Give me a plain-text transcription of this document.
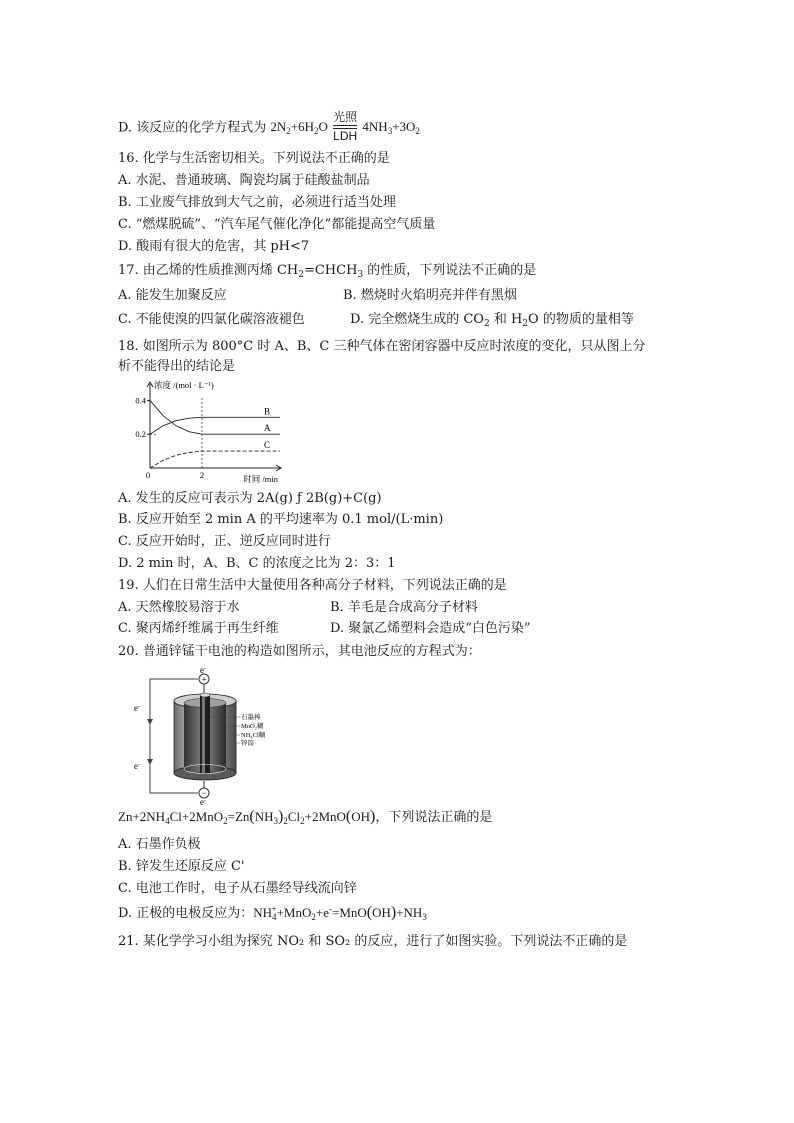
D. 该反应的化学方程式为 $2N_2+6H_2O \frac{\text{光照}}{\text{LDH}} 4NH_3+3O_2$
16. 化学与生活密切相关。下列说法不正确的是
A. 水泥、普通玻璃、陶瓷均属于硅酸盐制品
B. 工业废气排放到大气之前，必须进行适当处理
C. “燃煤脱硫”、“汽车尾气催化净化”都能提高空气质量
D. 酸雨有很大的危害，其 pH<7
17. 由乙烯的性质推测丙烯 $CH_2=CHCH_3$ 的性质，下列说法不正确的是
A. 能发生加聚反应	B. 燃烧时火焰明亮并伴有黑烟
C. 不能使溴的四氯化碳溶液褪色	D. 完全燃烧生成的 $CO_2$ 和 $H_2O$ 的物质的量相等
18. 如图所示为 800°C 时 A、B、C 三种气体在密闭容器中反应时浓度的变化，只从图上分
析不能得出的结论是
0.4
0.2
0	2
A
B
C
浓度 /(mol · L⁻¹)
时间 /min
A. 发生的反应可表示为 2A(g) ƒ 2B(g)+C(g)
B. 反应开始至 2 min A 的平均速率为 0.1 mol/(L·min)
C. 反应开始时，正、逆反应同时进行
D. 2 min 时，A、B、C 的浓度之比为 2：3：1
19. 人们在日常生活中大量使用各种高分子材料，下列说法正确的是
A. 天然橡胶易溶于水	B. 羊毛是合成高分子材料
C. 聚丙烯纤维属于再生纤维	D. 聚氯乙烯塑料会造成“白色污染”
20. 普通锌锰干电池的构造如图所示，其电池反应的方程式为：
+
−
e-
e-
e-
e-
石墨棒
MnO₂糊
NH₄Cl糊
锌筒
$Zn+2NH_4Cl+2MnO_2=Zn(NH_3)_2Cl_2+2MnO(OH)$，下列说法正确的是
A. 石墨作负极
B. 锌发生还原反应 C'
C. 电池工作时，电子从石墨经导线流向锌
D. 正极的电极反应为：$NH_4^++MnO_2+e^-=MnO(OH)+NH_3$
21. 某化学学习小组为探究 NO₂ 和 SO₂ 的反应，进行了如图实验。下列说法不正确的是
